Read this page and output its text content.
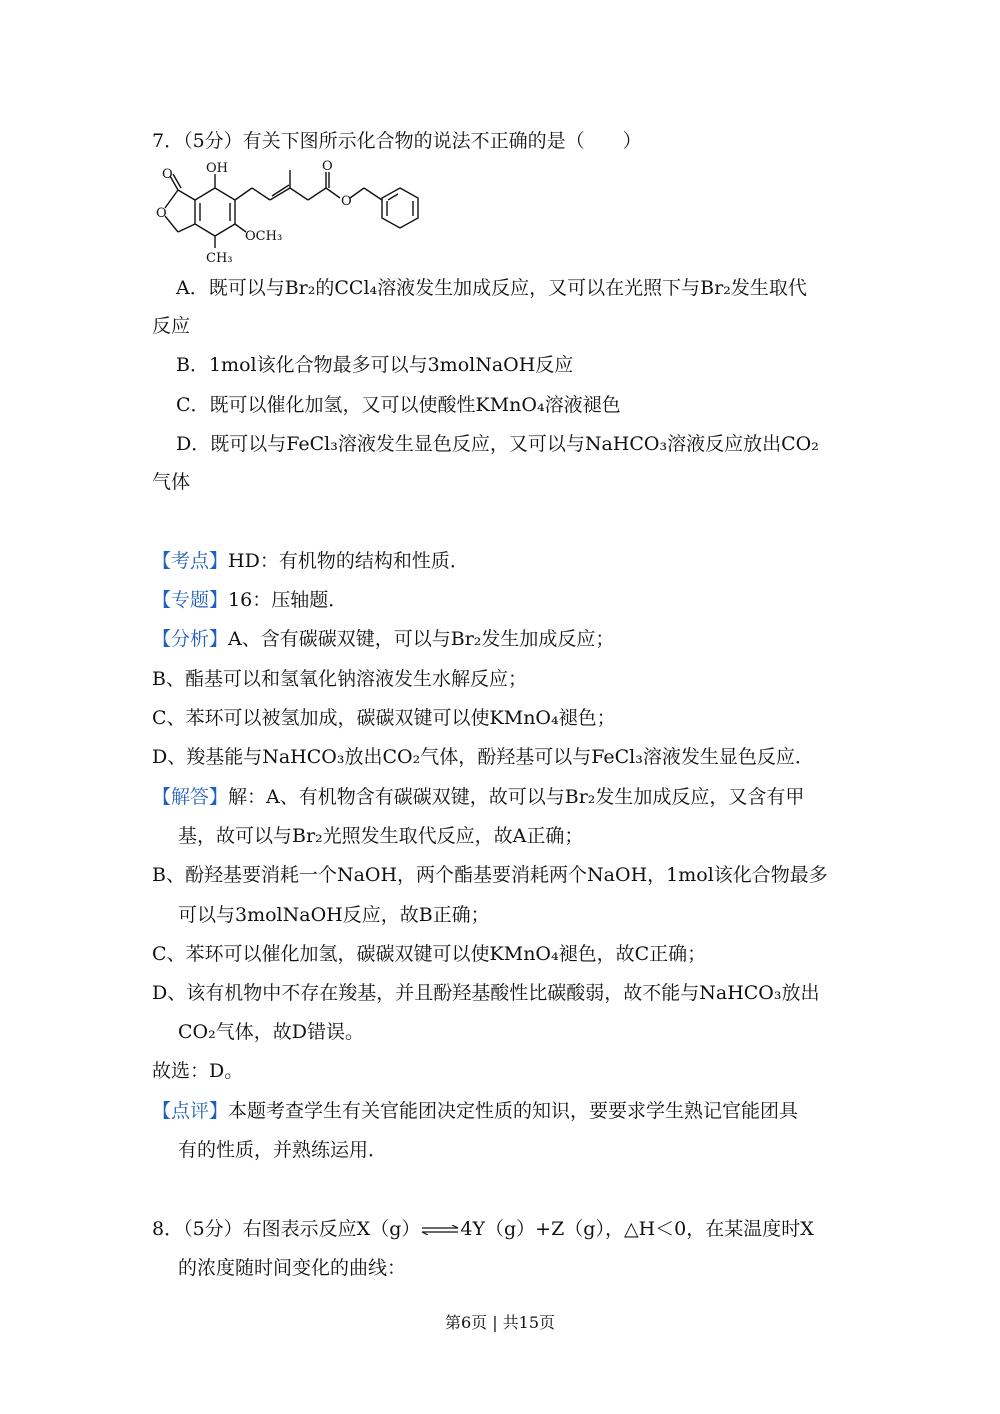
7．（5分）有关下图所示化合物的说法不正确的是（　　）
OH
O
O
OCH₃
CH₃
O
O
A．既可以与Br₂的CCl₄溶液发生加成反应，又可以在光照下与Br₂发生取代
反应
B．1mol该化合物最多可以与3molNaOH反应
C．既可以催化加氢，又可以使酸性KMnO₄溶液褪色
D．既可以与FeCl₃溶液发生显色反应，又可以与NaHCO₃溶液反应放出CO₂
气体
【考点】HD：有机物的结构和性质．
【专题】16：压轴题．
【分析】A、含有碳碳双键，可以与Br₂发生加成反应；
B、酯基可以和氢氧化钠溶液发生水解反应；
C、苯环可以被氢加成，碳碳双键可以使KMnO₄褪色；
D、羧基能与NaHCO₃放出CO₂气体，酚羟基可以与FeCl₃溶液发生显色反应．
【解答】解：A、有机物含有碳碳双键，故可以与Br₂发生加成反应，又含有甲
基，故可以与Br₂光照发生取代反应，故A正确；
B、酚羟基要消耗一个NaOH，两个酯基要消耗两个NaOH，1mol该化合物最多
可以与3molNaOH反应，故B正确；
C、苯环可以催化加氢，碳碳双键可以使KMnO₄褪色，故C正确；
D、该有机物中不存在羧基，并且酚羟基酸性比碳酸弱，故不能与NaHCO₃放出
CO₂气体，故D错误。
故选：D。
【点评】本题考查学生有关官能团决定性质的知识，要要求学生熟记官能团具
有的性质，并熟练运用．
8．（5分）右图表示反应X（g）⇌4Y（g）+Z（g），△H＜0，在某温度时X
的浓度随时间变化的曲线：
第6页 | 共15页
